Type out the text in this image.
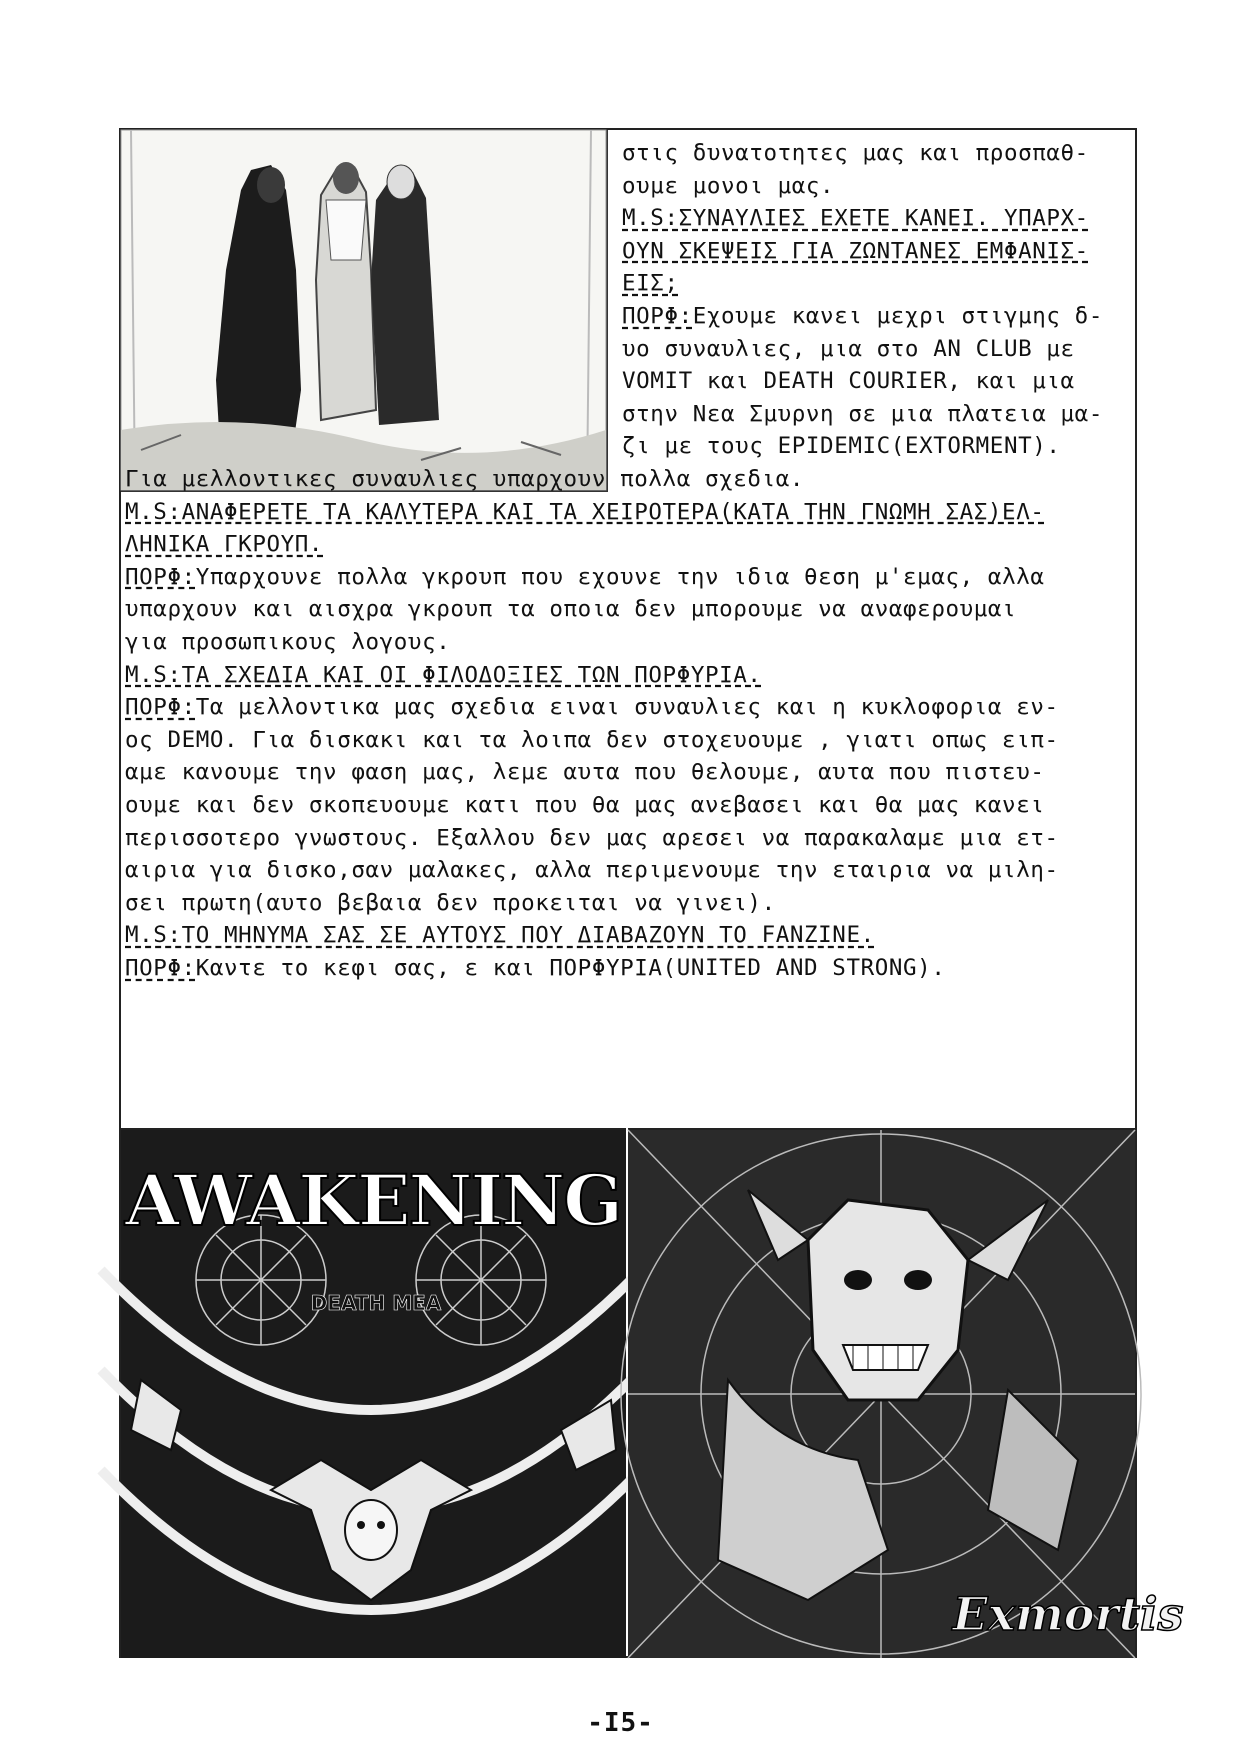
στις δυνατοτητες μας και προσπαθ-
ουμε μονοι μας.
M.S:ΣΥΝΑΥΛΙΕΣ ΕΧΕΤΕ ΚΑΝΕΙ. ΥΠΑΡΧ-
ΟΥΝ ΣΚΕΨΕΙΣ ΓΙΑ ΖΩΝΤΑΝΕΣ ΕΜΦΑΝΙΣ-
ΕΙΣ;
ΠΟΡΦ:Εχουμε κανει μεχρι στιγμης δ-
υο συναυλιες, μια στο AN CLUB με
VOMIT και DEATH COURIER, και μια
στην Νεα Σμυρνη σε μια πλατεια μα-
ζι με τους EPIDEMIC(EXTORMENT).
Για μελλοντικες συναυλιες υπαρχουν πολλα σχεδια.
M.S:ΑΝΑΦΕΡΕΤΕ ΤΑ ΚΑΛΥΤΕΡΑ ΚΑΙ ΤΑ ΧΕΙΡΟΤΕΡΑ(ΚΑΤΑ ΤΗΝ ΓΝΩΜΗ ΣΑΣ)ΕΛ-
ΛΗΝΙΚΑ ΓΚΡΟΥΠ.
ΠΟΡΦ:Υπαρχουνε πολλα γκρουπ που εχουνε την ιδια θεση μ'εμας, αλλα
υπαρχουν και αισχρα γκρουπ τα οποια δεν μπορουμε να αναφερουμαι
για προσωπικους λογους.
M.S:ΤΑ ΣΧΕΔΙΑ ΚΑΙ ΟΙ ΦΙΛΟΔΟΞΙΕΣ ΤΩΝ ΠΟΡΦΥΡΙΑ.
ΠΟΡΦ:Τα μελλοντικα μας σχεδια ειναι συναυλιες και η κυκλοφορια εν-
ος DEMO. Για δισκακι και τα λοιπα δεν στοχευουμε , γιατι οπως ειπ-
αμε κανουμε την φαση μας, λεμε αυτα που θελουμε, αυτα που πιστευ-
ουμε και δεν σκοπευουμε κατι που θα μας ανεβασει και θα μας κανει
περισσοτερο γνωστους. Εξαλλου δεν μας αρεσει να παρακαλαμε μια ετ-
αιρια για δισκο,σαν μαλακες, αλλα περιμενουμε την εταιρια να μιλη-
σει πρωτη(αυτο βεβαια δεν προκειται να γινει).
M.S:ΤΟ ΜΗΝΥΜΑ ΣΑΣ ΣΕ ΑΥΤΟΥΣ ΠΟΥ ΔΙΑΒΑΖΟΥΝ ΤΟ FANZINE.
ΠΟΡΦ:Καντε το κεφι σας, ε και ΠΟΡΦΥΡΙΑ(UNITED AND STRONG).
AWAKENING
DEATH MEA
Exmortis
-I5-
